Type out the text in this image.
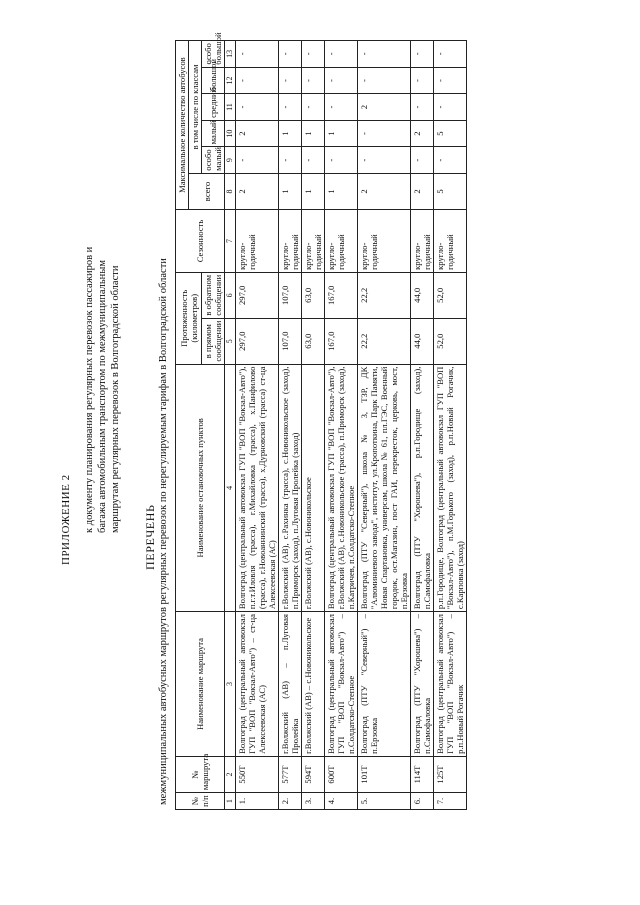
ПРИЛОЖЕНИЕ 2 к документу планирования регулярных перевозок пассажиров и багажа автомобильным транспортом по межмуниципальным маршрутам регулярных перевозок в Волгоградской области
ПЕРЕЧЕНЬ межмуниципальных автобусных маршрутов регулярных перевозок по нерегулируемым тарифам в Волгоградской области № п/п	№ маршрута	Наименование маршрута	Наименование остановочных пунктов	Протяженность (километров)		Сезонность	Максимальное количество автобусов					
							всего	в том числе по классам				
				в прямом сообщении	в обратном сообщении			особо малый	малый	средний	большой	особо большой
1	2	3	4	5	6	7	8	9	10	11	12	13
1.	550Т	Волгоград (центральный автовокзал ГУП "ВОП "Вокзал-Авто") – ст-ца Алексеевская (АС)	Волгоград (центральный автовокзал ГУП "ВОП "Вокзал-Авто"), п.г.т.Иловля (трасса), г.Михайловка (трасса), х.Панфилово (трасса), г.Новоаннинский (трасса), х.Дурновский (трасса) ст-ца Алексеевская (АС)	297,0	297,0	кругло-годичный	2	-	2	-	-	-
2.	577Т	г.Волжский (АВ) – п.Луговая Пролейка	г.Волжский (АВ), с.Рахинка (трасса), с.Новоникольское (заход), п.Приморск (заход), п.Луговая Пролейка (заход)	107,0	107,0	кругло-годичный	1	-	1	-	-	-
3.	594Т	г.Волжский (АВ) – с.Новоникольское	г.Волжский (АВ), с.Новоникольское	63,0	63,0	кругло-годичный	1	-	1	-	-	-
4.	600Т	Волгоград (центральный автовокзал ГУП "ВОП "Вокзал-Авто") – п.Солдатско-Степное	Волгоград (центральный автовокзал ГУП "ВОП "Вокзал-Авто"), г.Волжский (АВ), с.Новоникольское (трасса), п.Приморск (заход), п.Катричев, п.Солдатско-Степное	167,0	167,0	кругло-годичный	1	-	1	-	-	-
5.	101Т	Волгоград (ПТУ "Северный") – п.Ерзовка	Волгоград (ПТУ "Северный"), школа № 3, ТЗР, ДК "Алюминиевого завода", институт, ул.Кропоткина, Парк Памяти, Новая Спартановка, универсам, школа № 61, пл.ГЭС, Военный городок, ост.Магазин, пост ГАИ, перекресток, церковь, мост, п.Ерзовка	22,2	22,2	кругло-годичный	2	-	-	2	-	-
6.	114Т	Волгоград (ПТУ "Хорошева") – п.Самофаловка	Волгоград (ПТУ "Хорошева"), р.п.Городище (заход), п.Самофаловка	44,0	44,0	кругло-годичный	2	-	2	-	-	-
7.	125Т	Волгоград (центральный автовокзал ГУП "ВОП "Вокзал-Авто") – р.п.Новый Рогачик	р.п.Городище, Волгоград (центральный автовокзал ГУП "ВОП "Вокзал-Авто"), п.М.Горького (заход), р.п.Новый Рогачик, с.Карповка (заход)	52,0	52,0	кругло-годичный	5	-	5	-	-	-
